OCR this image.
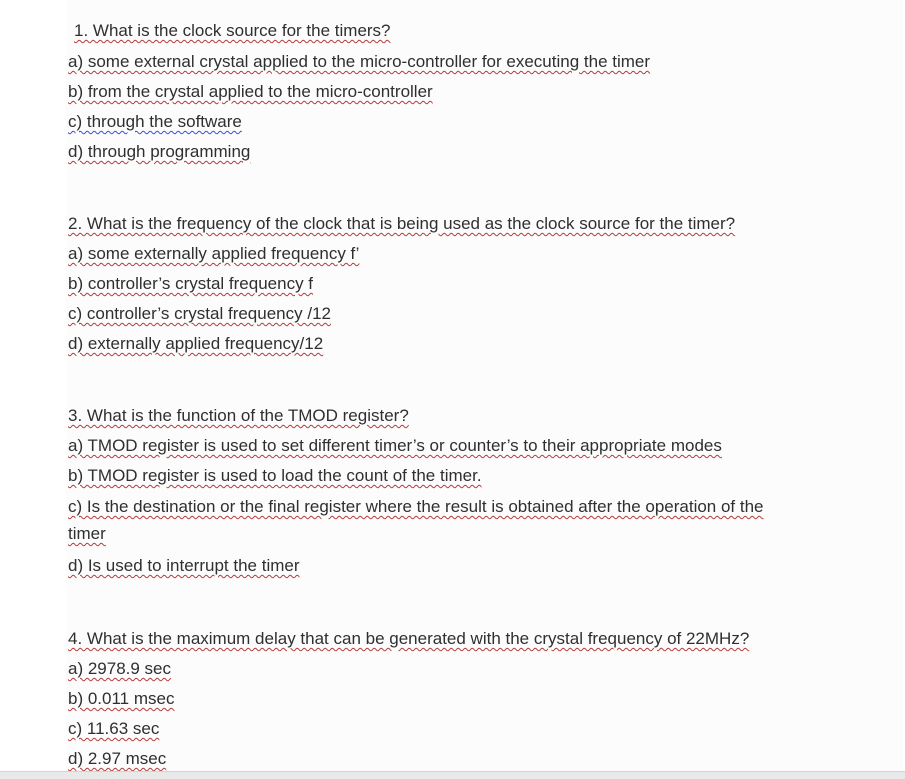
1. What is the clock source for the timers?

a) some external crystal applied to the micro-controller for executing the timer

b) from the crystal applied to the micro-controller

c) through the software

d) through programming

2. What is the frequency of the clock that is being used as the clock source for the timer?

a) some externally applied frequency f’

b) controller’s crystal frequency f

c) controller’s crystal frequency /12

d) externally applied frequency/12

3. What is the function of the TMOD register?

a) TMOD register is used to set different timer’s or counter’s to their appropriate modes

b) TMOD register is used to load the count of the timer.

c) Is the destination or the final register where the result is obtained after the operation of the timer

d) Is used to interrupt the timer

4. What is the maximum delay that can be generated with the crystal frequency of 22MHz?

a) 2978.9 sec

b) 0.011 msec

c) 11.63 sec

d) 2.97 msec
